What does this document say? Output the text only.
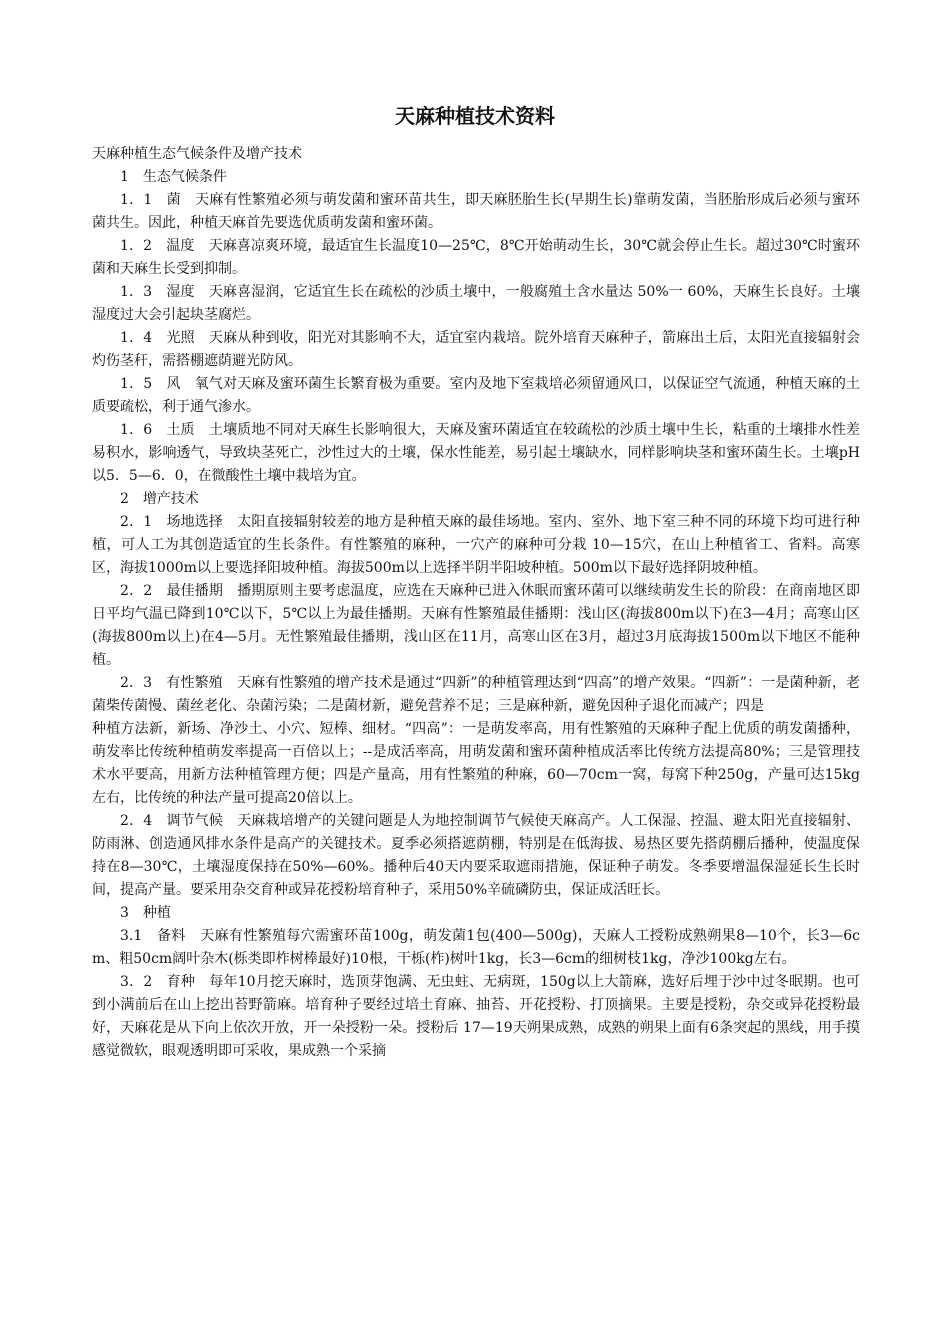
天麻种植技术资料

天麻种植生态气候条件及增产技术

1　生态气候条件

1．1　菌　天麻有性繁殖必须与萌发菌和蜜环苗共生，即天麻胚胎生长(早期生长)靠萌发菌，当胚胎形成后必须与蜜环菌共生。因此，种植天麻首先要选优质萌发菌和蜜环菌。

1．2　温度　天麻喜凉爽环境，最适宜生长温度10—25℃，8℃开始萌动生长，30℃就会停止生长。超过30℃时蜜环菌和天麻生长受到抑制。

1．3　湿度　天麻喜湿润，它适宜生长在疏松的沙质土壤中，一般腐殖土含水量达 50%一 60%，天麻生长良好。土壤湿度过大会引起块茎腐烂。

1．4　光照　天麻从种到收，阳光对其影响不大，适宜室内栽培。院外培育天麻种子，箭麻出土后，太阳光直接辐射会灼伤茎秆，需搭棚遮荫避光防风。

1．5　风　氧气对天麻及蜜环菌生长繁育极为重要。室内及地下室栽培必须留通风口，以保证空气流通，种植天麻的土质要疏松，利于通气渗水。

1．6　土质　土壤质地不同对天麻生长影响很大，天麻及蜜环菌适宜在较疏松的沙质土壤中生长，粘重的土壤排水性差易积水，影响透气，导致块茎死亡，沙性过大的土壤，保水性能差，易引起土壤缺水，同样影响块茎和蜜环菌生长。土壤pH以5．5—6．0，在微酸性土壤中栽培为宜。

2　增产技术

2．1　场地选择　太阳直接辐射较差的地方是种植天麻的最佳场地。室内、室外、地下室三种不同的环境下均可进行种植，可人工为其创造适宜的生长条件。有性繁殖的麻种，一穴产的麻种可分栽 10—15穴，在山上种植省工、省料。高寒区，海拔1000m以上要选择阳坡种植。海拔500m以上选择半阴半阳坡种植。500m以下最好选择阴坡种植。

2．2　最佳播期　播期原则主要考虑温度，应选在天麻种已进入休眠而蜜环菌可以继续萌发生长的阶段：在商南地区即日平均气温已降到10℃以下，5℃以上为最佳播期。天麻有性繁殖最佳播期：浅山区(海拔800m以下)在3—4月；高寒山区(海拔800m以上)在4—5月。无性繁殖最佳播期，浅山区在11月，高寒山区在3月，超过3月底海拔1500m以下地区不能种植。

2．3　有性繁殖　天麻有性繁殖的增产技术是通过“四新”的种植管理达到“四高”的增产效果。“四新”：一是菌种新，老菌柴传菌慢、菌丝老化、杂菌污染；二是菌材新，避免营养不足；三是麻种新，避免因种子退化而减产；四是

种植方法新，新场、净沙土、小穴、短棒、细材。“四高”：一是萌发率高，用有性繁殖的天麻种子配上优质的萌发菌播种，萌发率比传统种植萌发率提高一百倍以上；--是成活率高，用萌发菌和蜜环菌种植成活率比传统方法提高80%；三是管理技术水平要高，用新方法种植管理方便；四是产量高，用有性繁殖的种麻，60—70cm一窝，每窝下种250g，产量可达15kg左右，比传统的种法产量可提高20倍以上。

2．4　调节气候　天麻栽培增产的关键问题是人为地控制调节气候使天麻高产。人工保湿、控温、避太阳光直接辐射、防雨淋、创造通风排水条件是高产的关键技术。夏季必须搭遮荫棚，特别是在低海拔、易热区要先搭荫棚后播种，使温度保持在8—30℃，土壤湿度保持在50%—60%。播种后40天内要采取遮雨措施，保证种子萌发。冬季要增温保湿延长生长时间，提高产量。要采用杂交育种或异花授粉培育种子，采用50%辛硫磷防虫，保证成活旺长。

3　种植

3.1　备料　天麻有性繁殖每穴需蜜环苗100g，萌发菌1包(400—500g)，天麻人工授粉成熟朔果8—10个，长3—6cm、粗50cm阔叶杂木(栎类即柞树棒最好)10根，干栎(柞)树叶1kg，长3—6cm的细树枝1kg，净沙100kg左右。

3．2　育种　每年10月挖天麻时，选顶芽饱满、无虫蛀、无病斑，150g以上大箭麻，选好后埋于沙中过冬眠期。也可到小满前后在山上挖出苔野箭麻。培育种子要经过培土育麻、抽苔、开花授粉、打顶摘果。主要是授粉，杂交或异花授粉最好，天麻花是从下向上依次开放，开一朵授粉一朵。授粉后 17—19天朔果成熟，成熟的朔果上面有6条突起的黑线，用手摸感觉微软，眼观透明即可采收，果成熟一个采摘
